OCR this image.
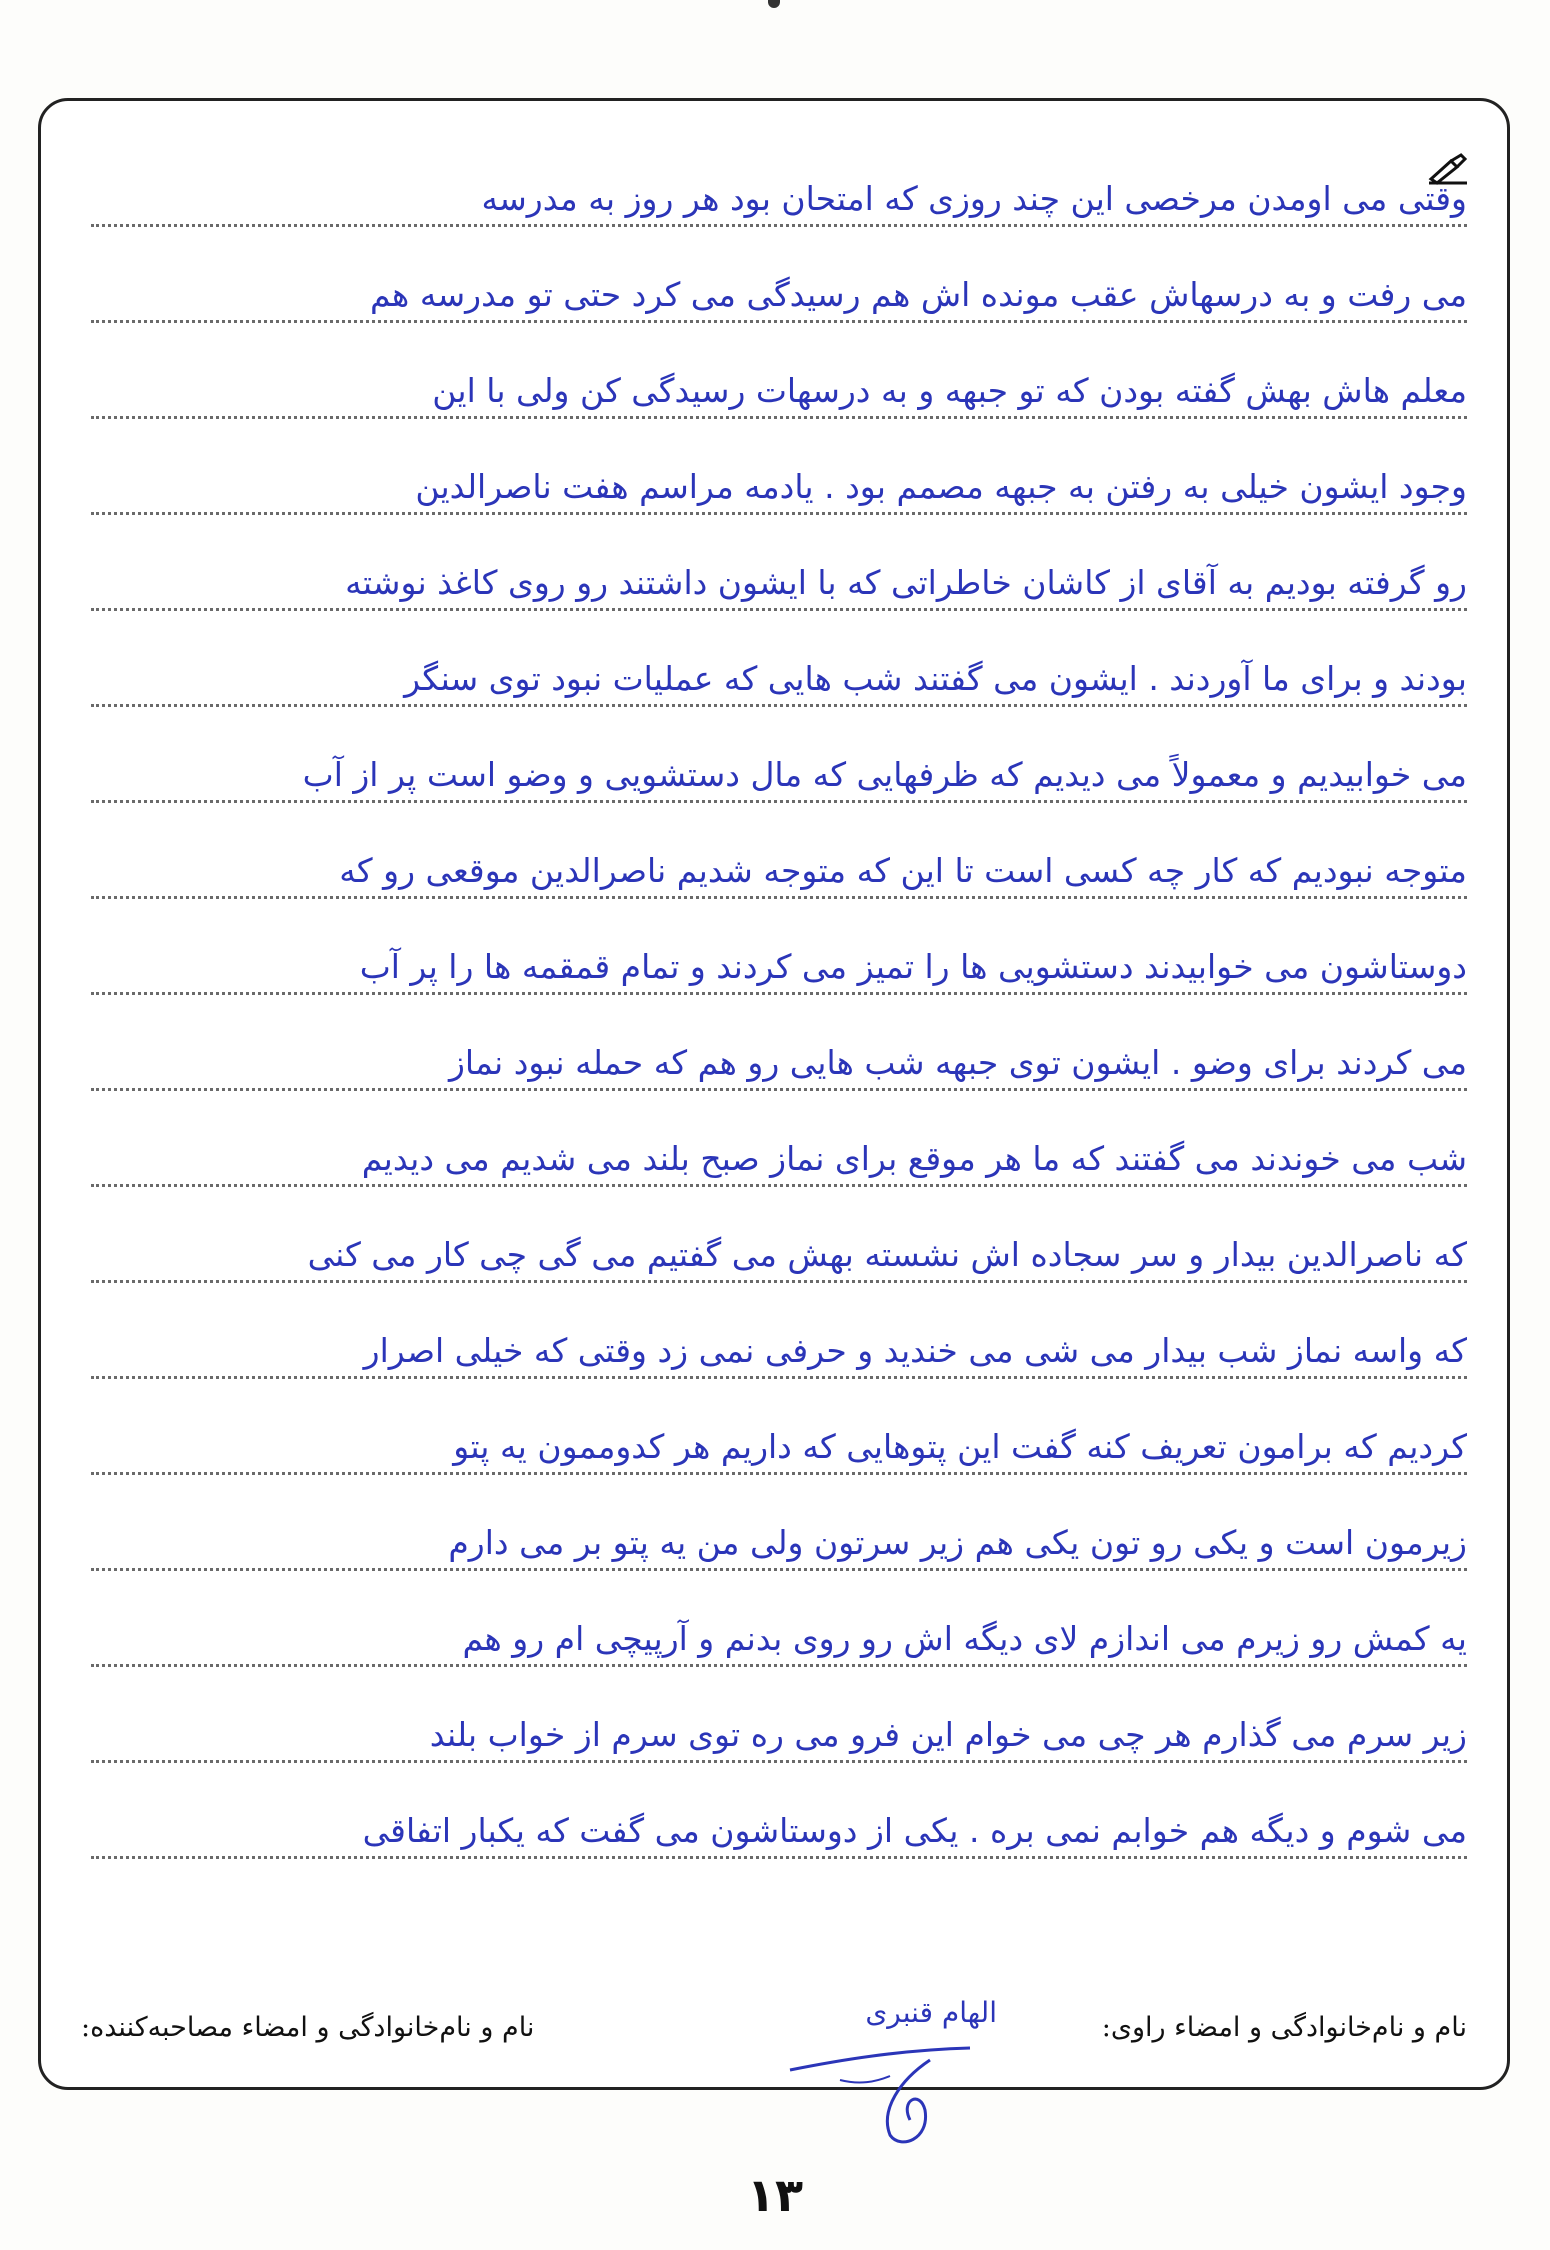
وقتی می اومدن مرخصی این چند روزی که امتحان بود هر روز به مدرسه
می رفت و به درسهاش عقب مونده اش هم رسیدگی می کرد حتی تو مدرسه هم
معلم هاش بهش گفته بودن که تو جبهه و به درسهات رسیدگی کن ولی با این
وجود ایشون خیلی به رفتن به جبهه مصمم بود . یادمه مراسم هفت ناصرالدین
رو گرفته بودیم به آقای از کاشان خاطراتی که با ایشون داشتند رو روی کاغذ نوشته
بودند و برای ما آوردند . ایشون می گفتند شب هایی که عملیات نبود توی سنگر
می خوابیدیم و معمولاً می دیدیم که ظرفهایی که مال دستشویی و وضو است پر از آب
متوجه نبودیم که کار چه کسی است تا این که متوجه شدیم ناصرالدین موقعی رو که
دوستاشون می خوابیدند دستشویی ها را تمیز می کردند و تمام قمقمه ها را پر آب
می کردند برای وضو . ایشون توی جبهه شب هایی رو هم که حمله نبود نماز
شب می خوندند می گفتند که ما هر موقع برای نماز صبح بلند می شدیم می دیدیم
که ناصرالدین بیدار و سر سجاده اش نشسته بهش می گفتیم می گی چی کار می کنی
که واسه نماز شب بیدار می شی می خندید و حرفی نمی زد وقتی که خیلی اصرار
کردیم که برامون تعریف کنه گفت این پتوهایی که داریم هر کدوممون یه پتو
زیرمون است و یکی رو تون یکی هم زیر سرتون ولی من یه پتو بر می دارم
یه کمش رو زیرم می اندازم لای دیگه اش رو روی بدنم و آرپیچی ام رو هم
زیر سرم می گذارم هر چی می خوام این فرو می ره توی سرم از خواب بلند
می شوم و دیگه هم خوابم نمی بره . یکی از دوستاشون می گفت که یکبار اتفاقی
نام و نام‌خانوادگی و امضاء راوی:
الهام قنبری
نام و نام‌خانوادگی و امضاء مصاحبه‌کننده:
۱۳
